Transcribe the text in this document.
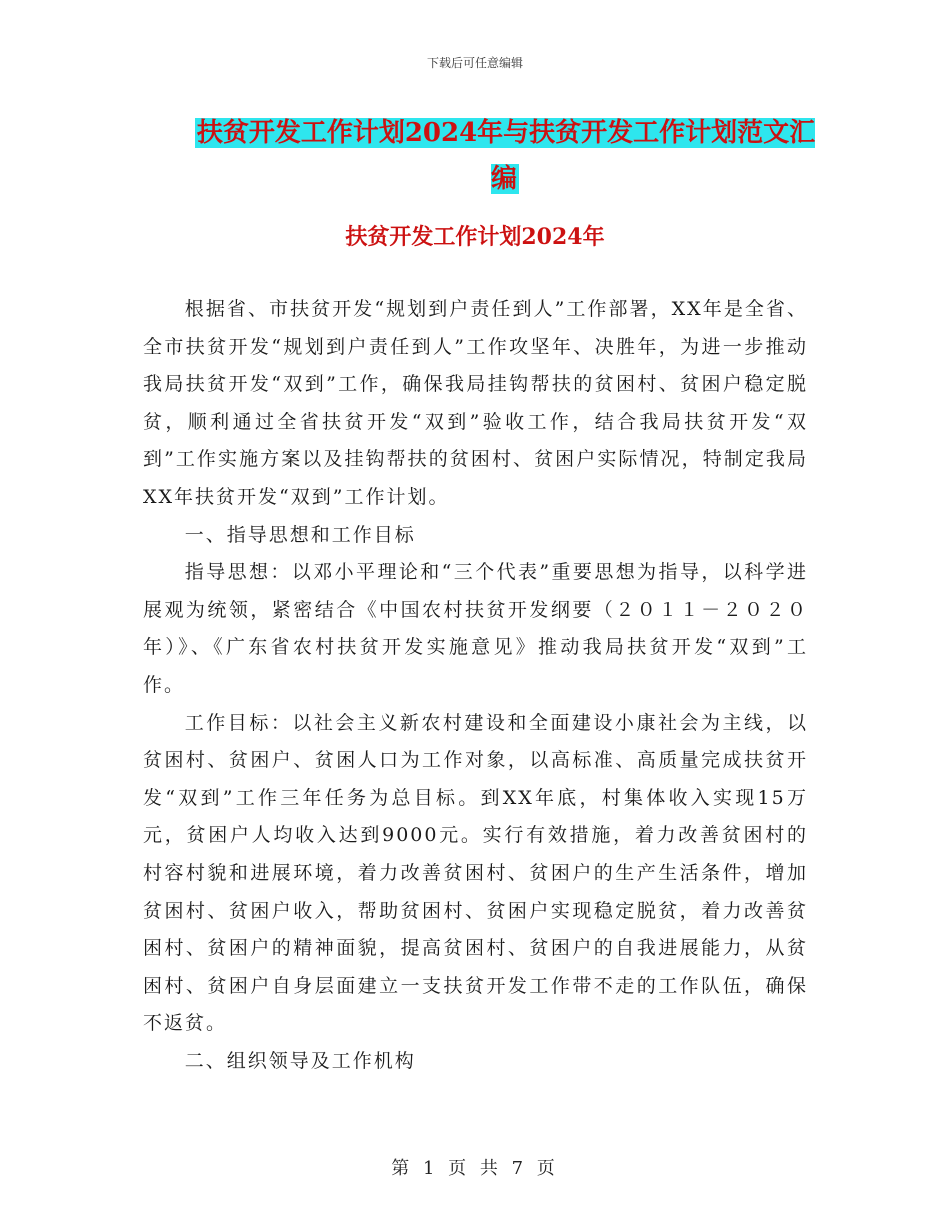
下载后可任意编辑
扶贫开发工作计划2024年与扶贫开发工作计划范文汇编
扶贫开发工作计划2024年

根据省、市扶贫开发“规划到户责任到人”工作部署，XX年是全省、全市扶贫开发“规划到户责任到人”工作攻坚年、决胜年，为进一步推动我局扶贫开发“双到”工作，确保我局挂钩帮扶的贫困村、贫困户稳定脱贫，顺利通过全省扶贫开发“双到”验收工作，结合我局扶贫开发“双到”工作实施方案以及挂钩帮扶的贫困村、贫困户实际情况，特制定我局XX年扶贫开发“双到”工作计划。

一、指导思想和工作目标

指导思想：以邓小平理论和“三个代表”重要思想为指导，以科学进展观为统领，紧密结合《中国农村扶贫开发纲要（２０１１－２０２０年）》、《广东省农村扶贫开发实施意见》推动我局扶贫开发“双到”工作。

工作目标：以社会主义新农村建设和全面建设小康社会为主线，以贫困村、贫困户、贫困人口为工作对象，以高标准、高质量完成扶贫开发“双到”工作三年任务为总目标。到XX年底，村集体收入实现15万元，贫困户人均收入达到9000元。实行有效措施，着力改善贫困村的村容村貌和进展环境，着力改善贫困村、贫困户的生产生活条件，增加贫困村、贫困户收入，帮助贫困村、贫困户实现稳定脱贫，着力改善贫困村、贫困户的精神面貌，提高贫困村、贫困户的自我进展能力，从贫困村、贫困户自身层面建立一支扶贫开发工作带不走的工作队伍，确保不返贫。

二、组织领导及工作机构

第 1 页 共 7 页
